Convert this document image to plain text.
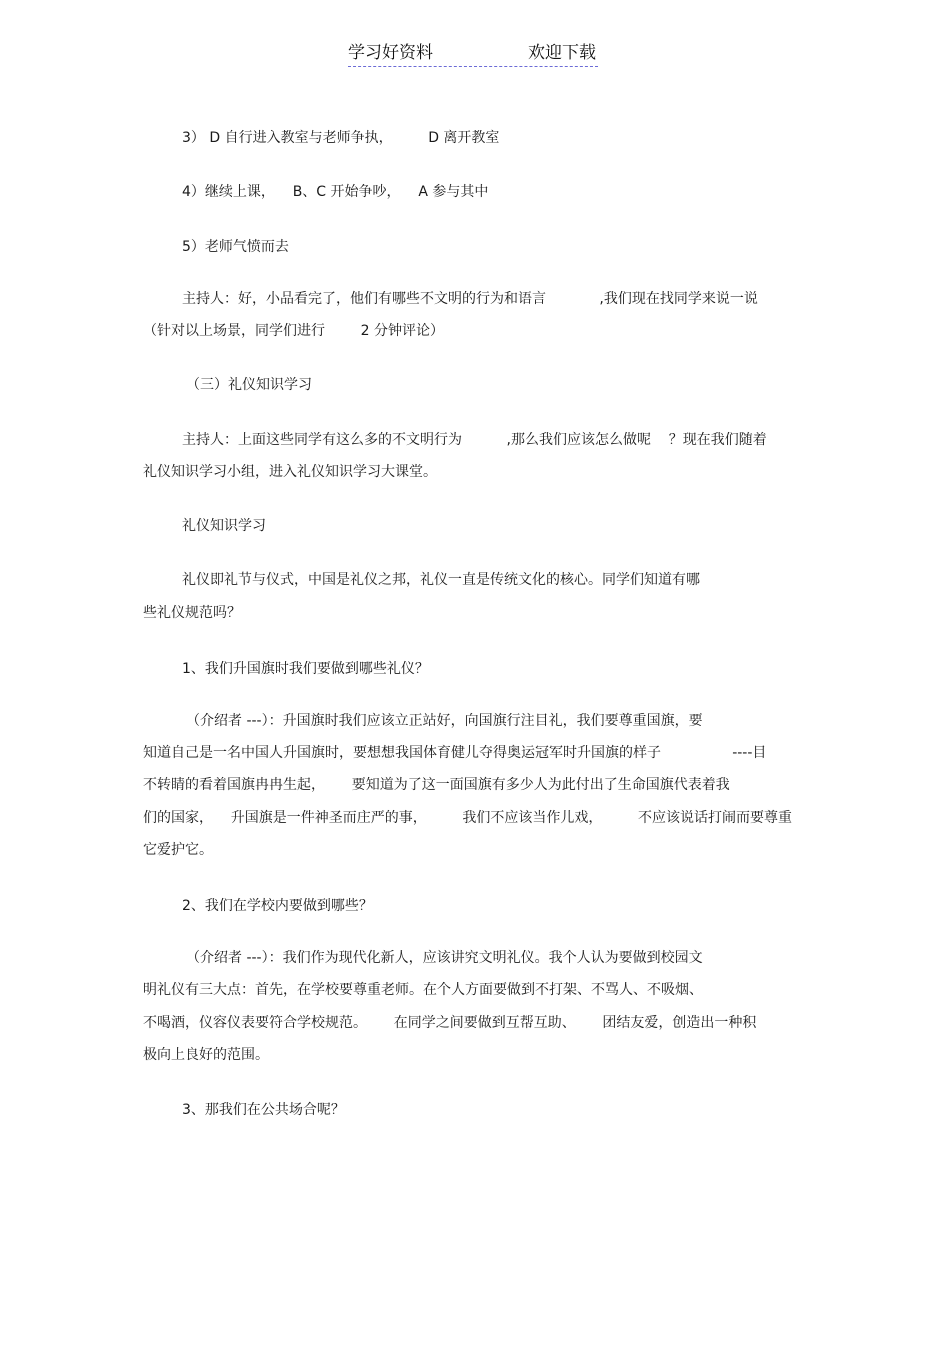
学习好资料	欢迎下载
3） D 自行进入教室与老师争执，        D 离开教室
4）继续上课，    B、C 开始争吵，    A 参与其中
5）老师气愤而去
主持人：好，小品看完了，他们有哪些不文明的行为和语言            ,我们现在找同学来说一说
（针对以上场景，同学们进行        2 分钟评论）
（三）礼仪知识学习
主持人：上面这些同学有这么多的不文明行为          ,那么我们应该怎么做呢    ？现在我们随着
礼仪知识学习小组，进入礼仪知识学习大课堂。
礼仪知识学习
礼仪即礼节与仪式，中国是礼仪之邦，礼仪一直是传统文化的核心。同学们知道有哪
些礼仪规范吗？
1、我们升国旗时我们要做到哪些礼仪？
（介绍者 ---）：升国旗时我们应该立正站好，向国旗行注目礼，我们要尊重国旗，要
知道自己是一名中国人升国旗时，要想想我国体育健儿夺得奥运冠军时升国旗的样子                ----目
不转睛的看着国旗冉冉生起，      要知道为了这一面国旗有多少人为此付出了生命国旗代表着我
们的国家，    升国旗是一件神圣而庄严的事，        我们不应该当作儿戏，        不应该说话打闹而要尊重
它爱护它。
2、我们在学校内要做到哪些？
（介绍者 ---）：我们作为现代化新人，应该讲究文明礼仪。我个人认为要做到校园文
明礼仪有三大点：首先，在学校要尊重老师。在个人方面要做到不打架、不骂人、不吸烟、
不喝酒，仪容仪表要符合学校规范。      在同学之间要做到互帮互助、      团结友爱，创造出一种积
极向上良好的范围。
3、那我们在公共场合呢？
